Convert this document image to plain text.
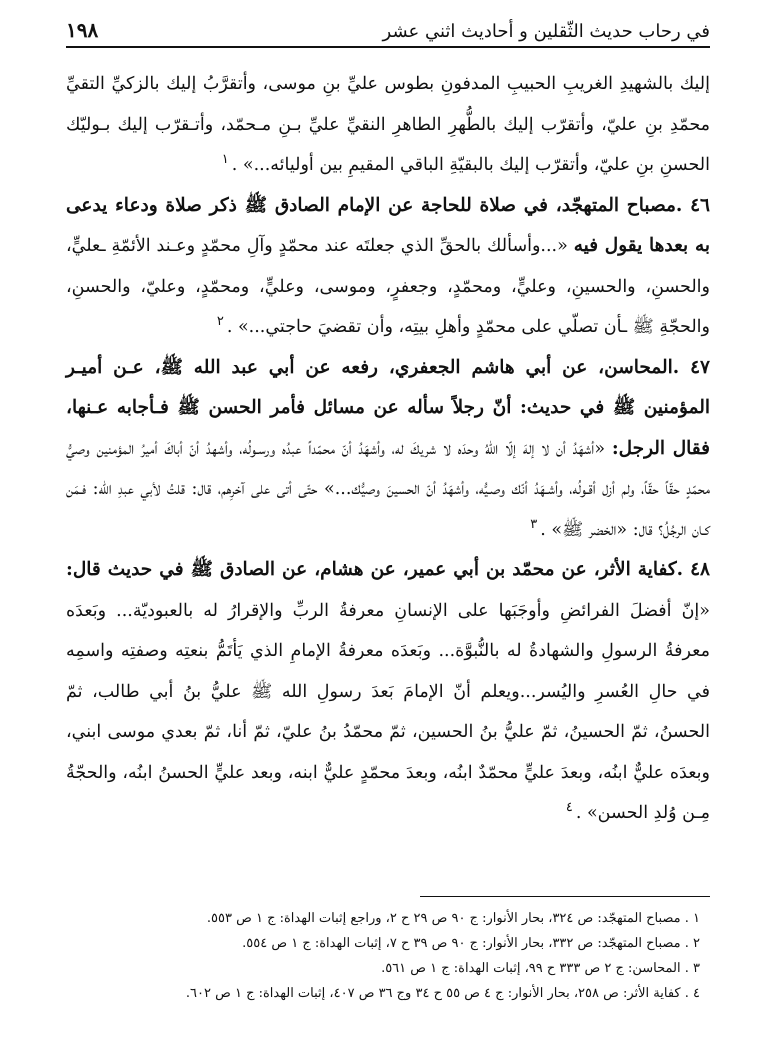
في رحاب حديث الثّقلين و أحاديث اثني عشر
١٩٨

إليك بالشهيدِ الغريبِ الحبيبِ المدفونِ بطوس عليِّ بنِ موسى، وأتقرَّبُ إليك بالزكيِّ التقيِّ محمّدِ بنِ عليّ، وأتقرّب إليك بالطُّهرِ الطاهرِ النقيِّ عليِّ بـنِ مـحمّد، وأتـقرّب إليك بـوليّك الحسنِ بنِ عليّ، وأتقرّب إليك بالبقيّةِ الباقي المقيمِ بين أوليائه...» .$^١$

٤٦ .مصباح المتهجّد، في صلاة للحاجة عن الإمام الصادق ﷺ ذكر صلاة ودعاء يدعى به بعدها يقول فيه «...وأسألك بالحقِّ الذي جعلتَه عند محمّدٍ وآلِ محمّدٍ وعـند الأئمّةِ ـعليٍّ، والحسنِ، والحسينِ، وعليٍّ، ومحمّدٍ، وجعفرٍ، وموسى، وعليٍّ، ومحمّدٍ، وعليّ، والحسنِ، والحجّةِ ﷺ ـأن تصلّي على محمّدٍ وأهلِ بيتِه، وأن تقضيَ حاجتي...» .$^٢$

٤٧ .المحاسن، عن أبي هاشم الجعفري، رفعه عن أبي عبد الله ﷺ، عـن أميـر المؤمنين ﷺ في حديث: أنّ رجلاً سأله عن مسائل فأمر الحسن ﷺ فـأجابه عـنها، فقال الرجل: «أشهَدُ أن لا إلهَ إلّا اللهُ وحدَه لا شريكَ له، وأشهَدُ أنّ محمّداً عبدُه ورسـولُه، وأشهدُ أنّ أباكَ أميرُ المؤمنين وصيُّ محمّدٍ حقّاً حقّاً، ولم أزل أقـولُه، وأشـهَدُ أنّك وصـيُّه، وأشهَدُ أنّ الحسينَ وصيُّك...» حتّى أتى على آخرِهم، قال: قلتُ لأبي عبدِ الله: فـمَن كـان الرجُلُ؟ قال: «الخضر ﷺ» .$^٣$

٤٨ .كفاية الأثر، عن محمّد بن أبي عمير، عن هشام، عن الصادق ﷺ في حديث قال: «إنّ أفضلَ الفرائضِ وأوجَبَها على الإنسانِ معرفةُ الربِّ والإقرارُ له بالعبوديّة... وبَعدَه معرفةُ الرسولِ والشهادةُ له بالنُّبوَّة... وبَعدَه معرفةُ الإمامِ الذي يَأتَمُّ بنعتِه وصفتِه واسمِه في حالِ العُسرِ واليُسر...ويعلم أنّ الإمامَ بَعدَ رسولِ الله ﷺ عليُّ بنُ أبي طالب، ثمّ الحسنُ، ثمّ الحسينُ، ثمّ عليُّ بنُ الحسين، ثمّ محمّدُ بنُ عليّ، ثمّ أنا، ثمّ بعدي موسى ابني، وبعدَه عليٌّ ابنُه، وبعدَ عليٍّ محمّدٌ ابنُه، وبعدَ محمّدٍ عليٌّ ابنه، وبعد عليٍّ الحسنُ ابنُه، والحجّةُ مِـن وُلدِ الحسن» .$^٤$

١ . مصباح المتهجّد: ص ٣٢٤، بحار الأنوار: ج ٩٠ ص ٢٩ ح ٢، وراجع إثبات الهداة: ج ١ ص ٥٥٣.
٢ . مصباح المتهجّد: ص ٣٣٢، بحار الأنوار: ج ٩٠ ص ٣٩ ح ٧، إثبات الهداة: ج ١ ص ٥٥٤.
٣ . المحاسن: ج ٢ ص ٣٣٣ ح ٩٩، إثبات الهداة: ج ١ ص ٥٦١.
٤ . كفاية الأثر: ص ٢٥٨، بحار الأنوار: ج ٤ ص ٥٥ ح ٣٤ وج ٣٦ ص ٤٠٧، إثبات الهداة: ج ١ ص ٦٠٢.
